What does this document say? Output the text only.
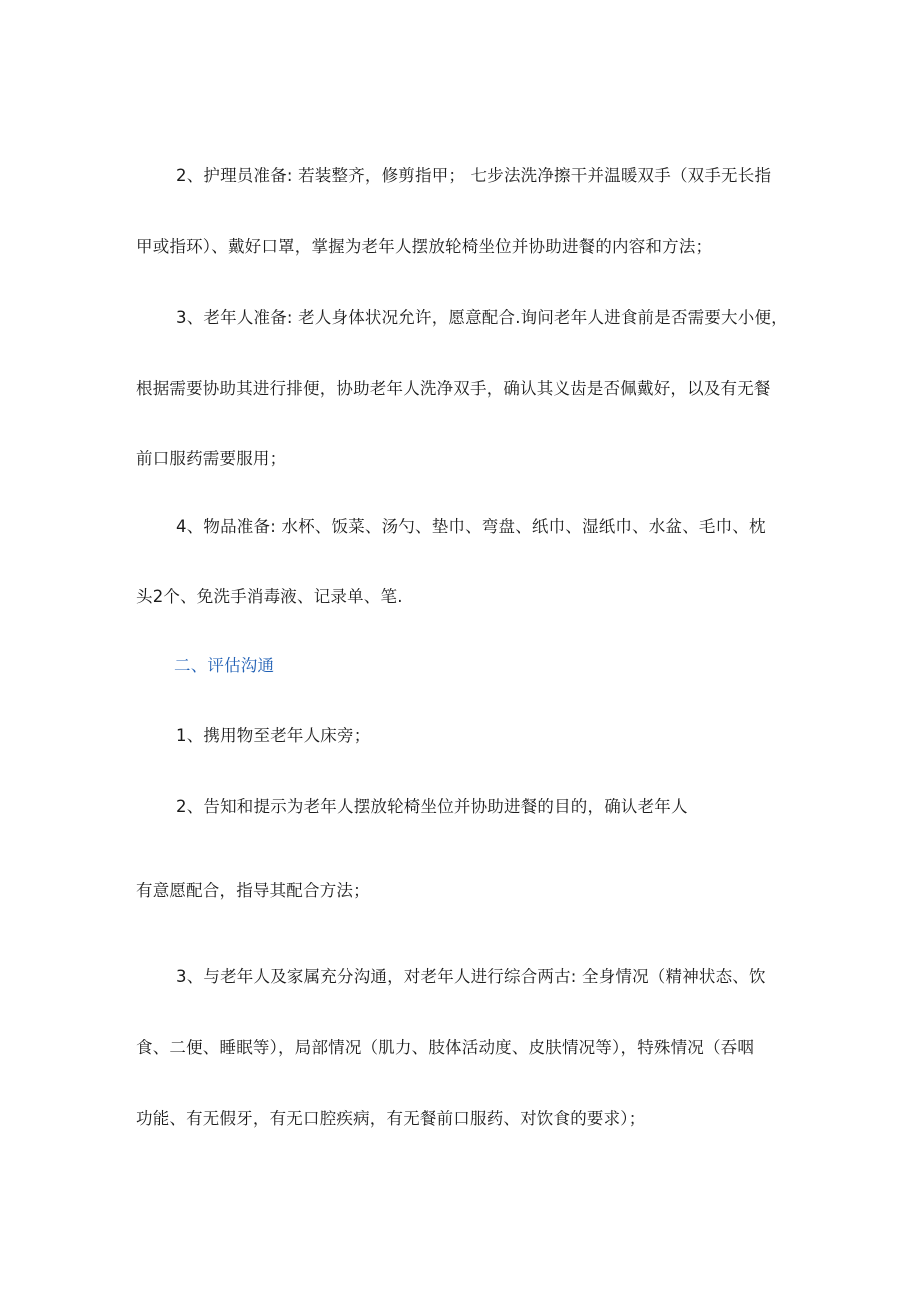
2、护理员准备: 若装整齐，修剪指甲； 七步法洗净擦干并温暖双手（双手无长指
甲或指环）、戴好口罩，掌握为老年人摆放轮椅坐位并协助进餐的内容和方法；
3、老年人准备: 老人身体状况允许，愿意配合.询问老年人进食前是否需要大小便，
根据需要协助其进行排便，协助老年人洗净双手，确认其义齿是否佩戴好，以及有无餐
前口服药需要服用；
4、物品准备: 水杯、饭菜、汤勺、垫巾、弯盘、纸巾、湿纸巾、水盆、毛巾、枕
头2个、免洗手消毒液、记录单、笔.
二、评估沟通
1、携用物至老年人床旁；
2、告知和提示为老年人摆放轮椅坐位并协助进餐的目的，确认老年人
有意愿配合，指导其配合方法；
3、与老年人及家属充分沟通，对老年人进行综合两古: 全身情况（精神状态、饮
食、二便、睡眠等），局部情况（肌力、肢体活动度、皮肤情况等），特殊情况（吞咽
功能、有无假牙，有无口腔疾病，有无餐前口服药、对饮食的要求）；
